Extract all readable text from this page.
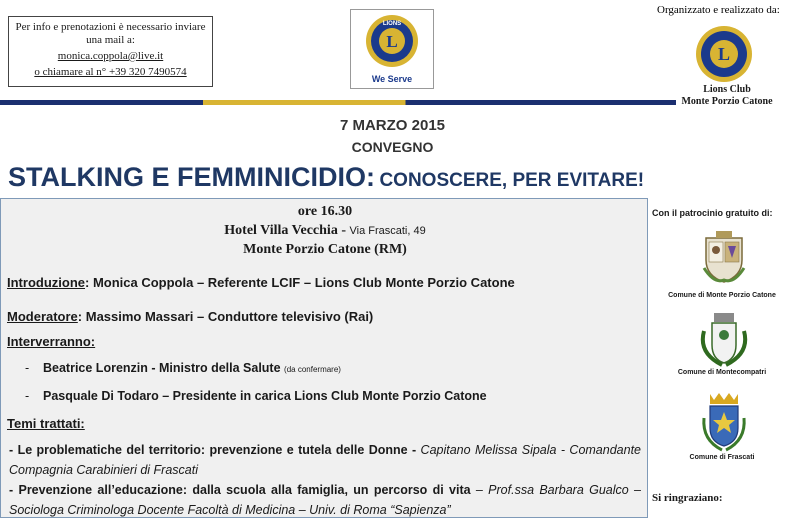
Per info e prenotazioni è necessario inviare
una mail a:
monica.coppola@live.it
o chiamare al n° +39 320 7490574
L
LIONS
We Serve
Organizzato e realizzato da:
L
Lions Club
Monte Porzio Catone
7 MARZO 2015
CONVEGNO
STALKING E FEMMINICIDIO: CONOSCERE, PER EVITARE!
ore 16.30
Hotel Villa Vecchia - Via Frascati, 49
Monte Porzio Catone (RM)
Introduzione: Monica Coppola – Referente LCIF – Lions Club Monte Porzio Catone
Moderatore: Massimo Massari – Conduttore televisivo (Rai)
Interverranno:
- Beatrice Lorenzin - Ministro della Salute (da confermare)
- Pasquale Di Todaro – Presidente in carica Lions Club Monte Porzio Catone
Temi trattati:
- Le problematiche del territorio: prevenzione e tutela delle Donne - Capitano Melissa Sipala - Comandante Compagnia Carabinieri di Frascati
- Prevenzione all’educazione: dalla scuola alla famiglia, un percorso di vita – Prof.ssa Barbara Gualco – Sociologa Criminologa Docente Facoltà di Medicina – Univ. di Roma “Sapienza”
Con il patrocinio gratuito di:
Comune di Monte Porzio Catone
Comune di Montecompatri
Comune di Frascati
Si ringraziano:
